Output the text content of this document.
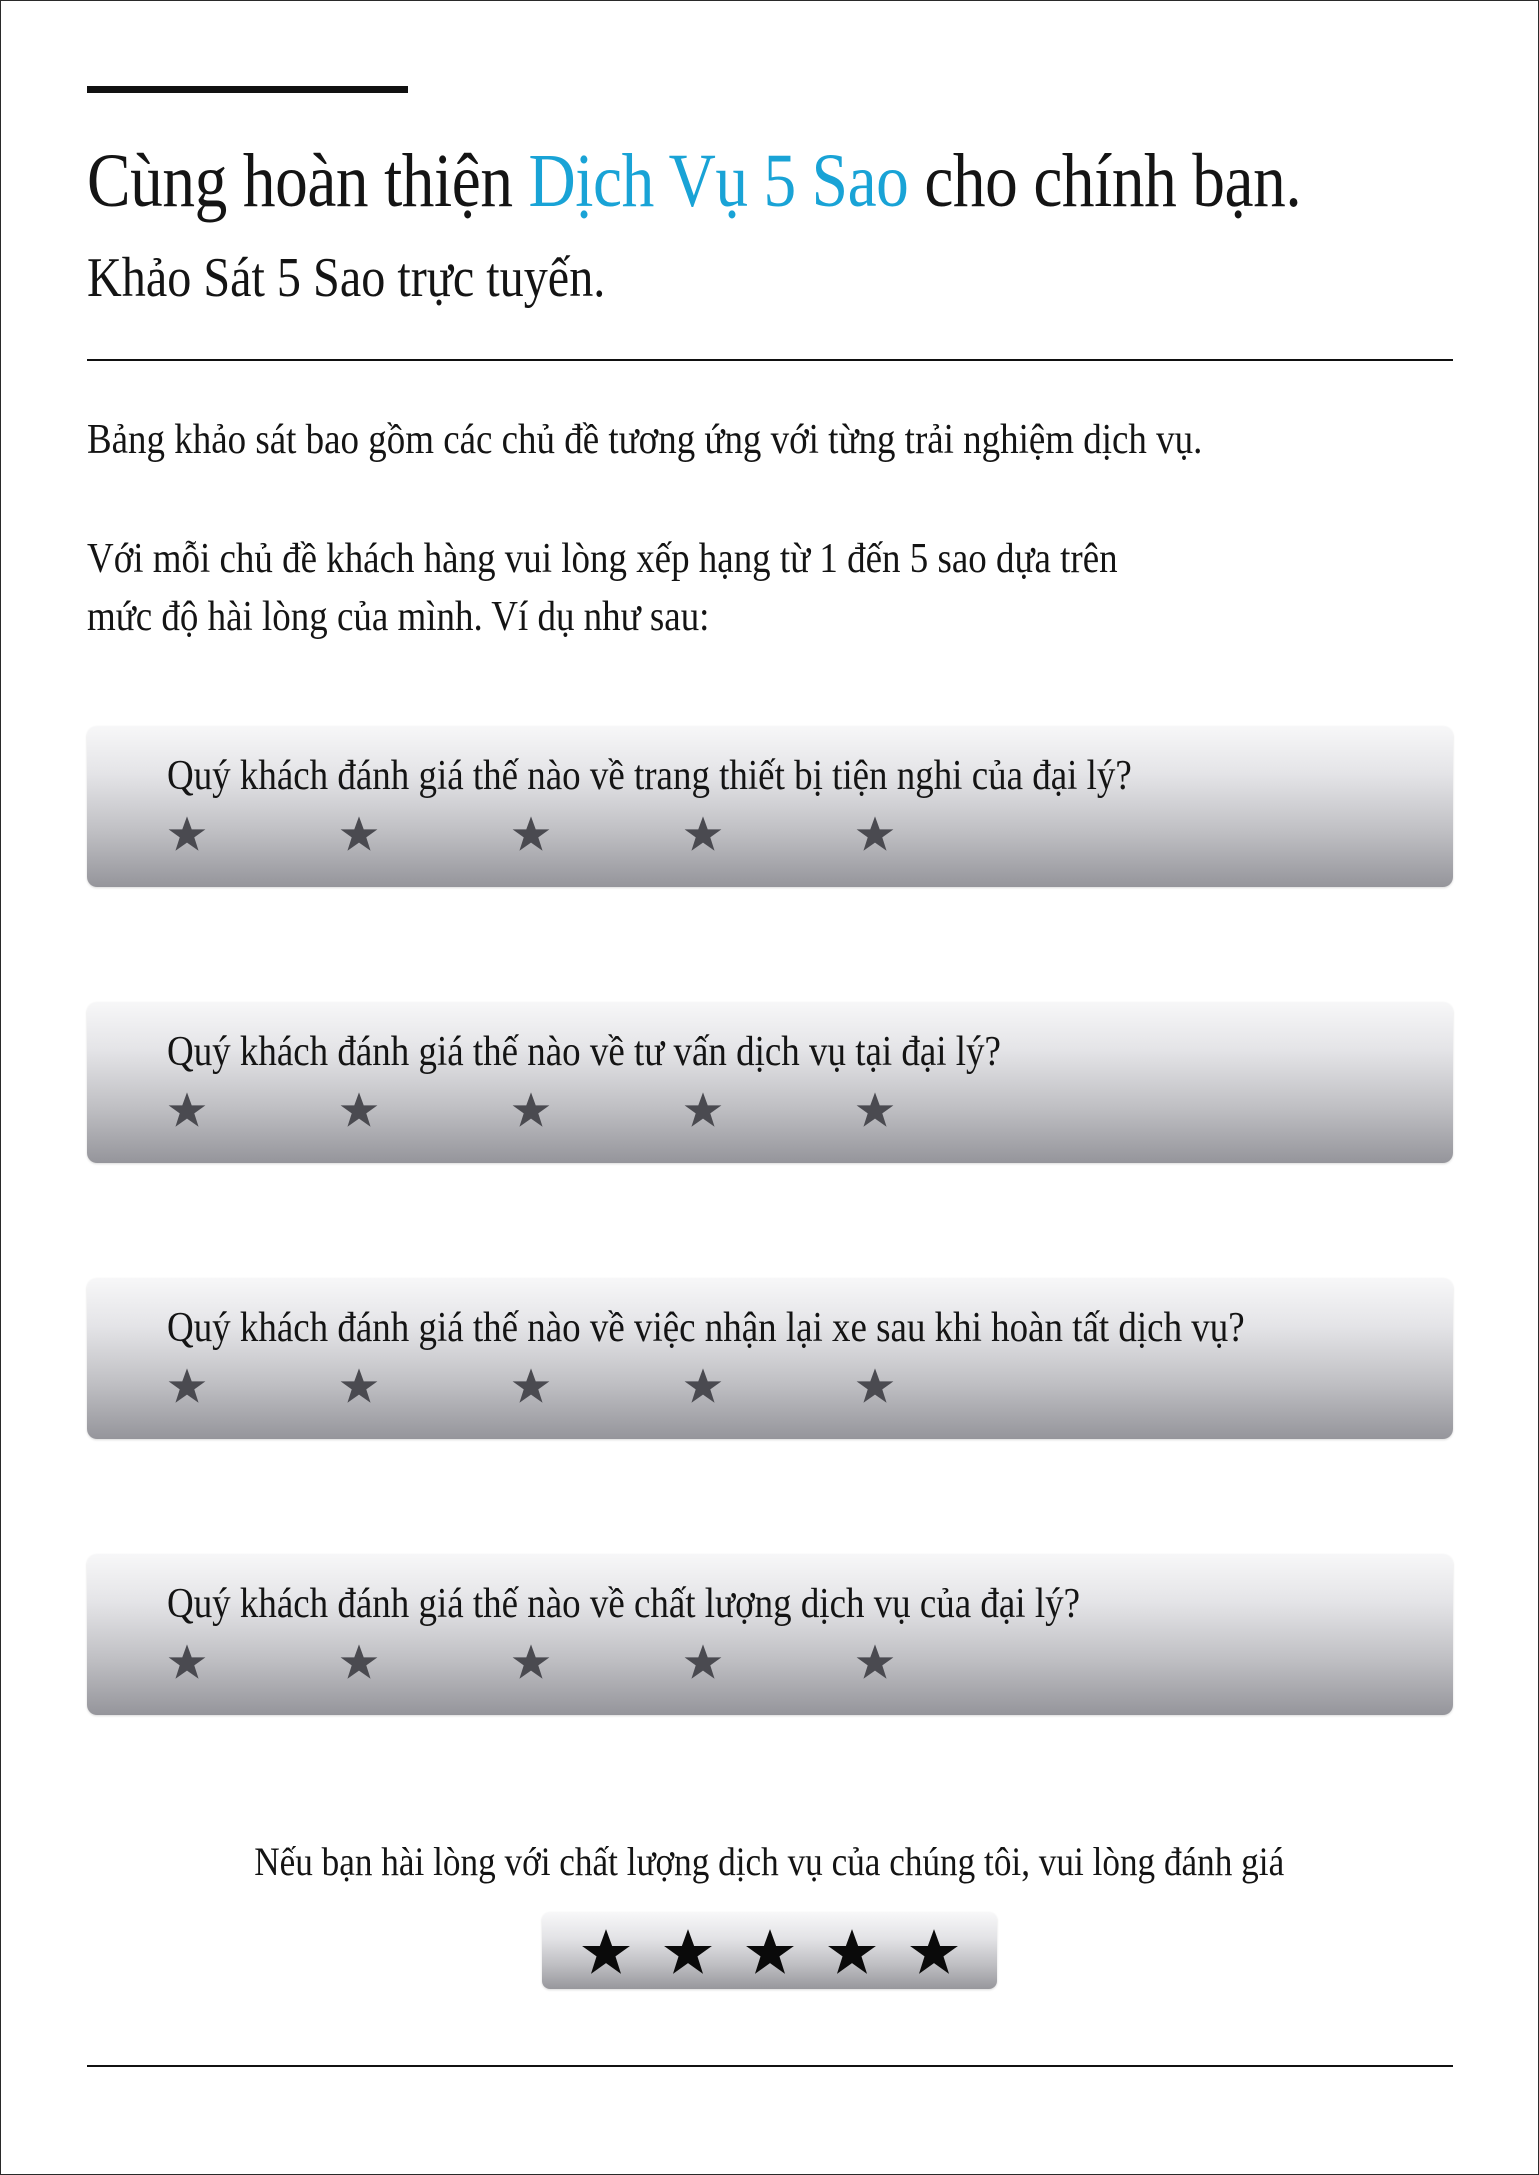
Cùng hoàn thiện Dịch Vụ 5 Sao cho chính bạn.
Khảo Sát 5 Sao trực tuyến.

Bảng khảo sát bao gồm các chủ đề tương ứng với từng trải nghiệm dịch vụ.

Với mỗi chủ đề khách hàng vui lòng xếp hạng từ 1 đến 5 sao dựa trên
mức độ hài lòng của mình. Ví dụ như sau:

Quý khách đánh giá thế nào về trang thiết bị tiện nghi của đại lý?
Quý khách đánh giá thế nào về tư vấn dịch vụ tại đại lý?
Quý khách đánh giá thế nào về việc nhận lại xe sau khi hoàn tất dịch vụ?
Quý khách đánh giá thế nào về chất lượng dịch vụ của đại lý?

Nếu bạn hài lòng với chất lượng dịch vụ của chúng tôi, vui lòng đánh giá
